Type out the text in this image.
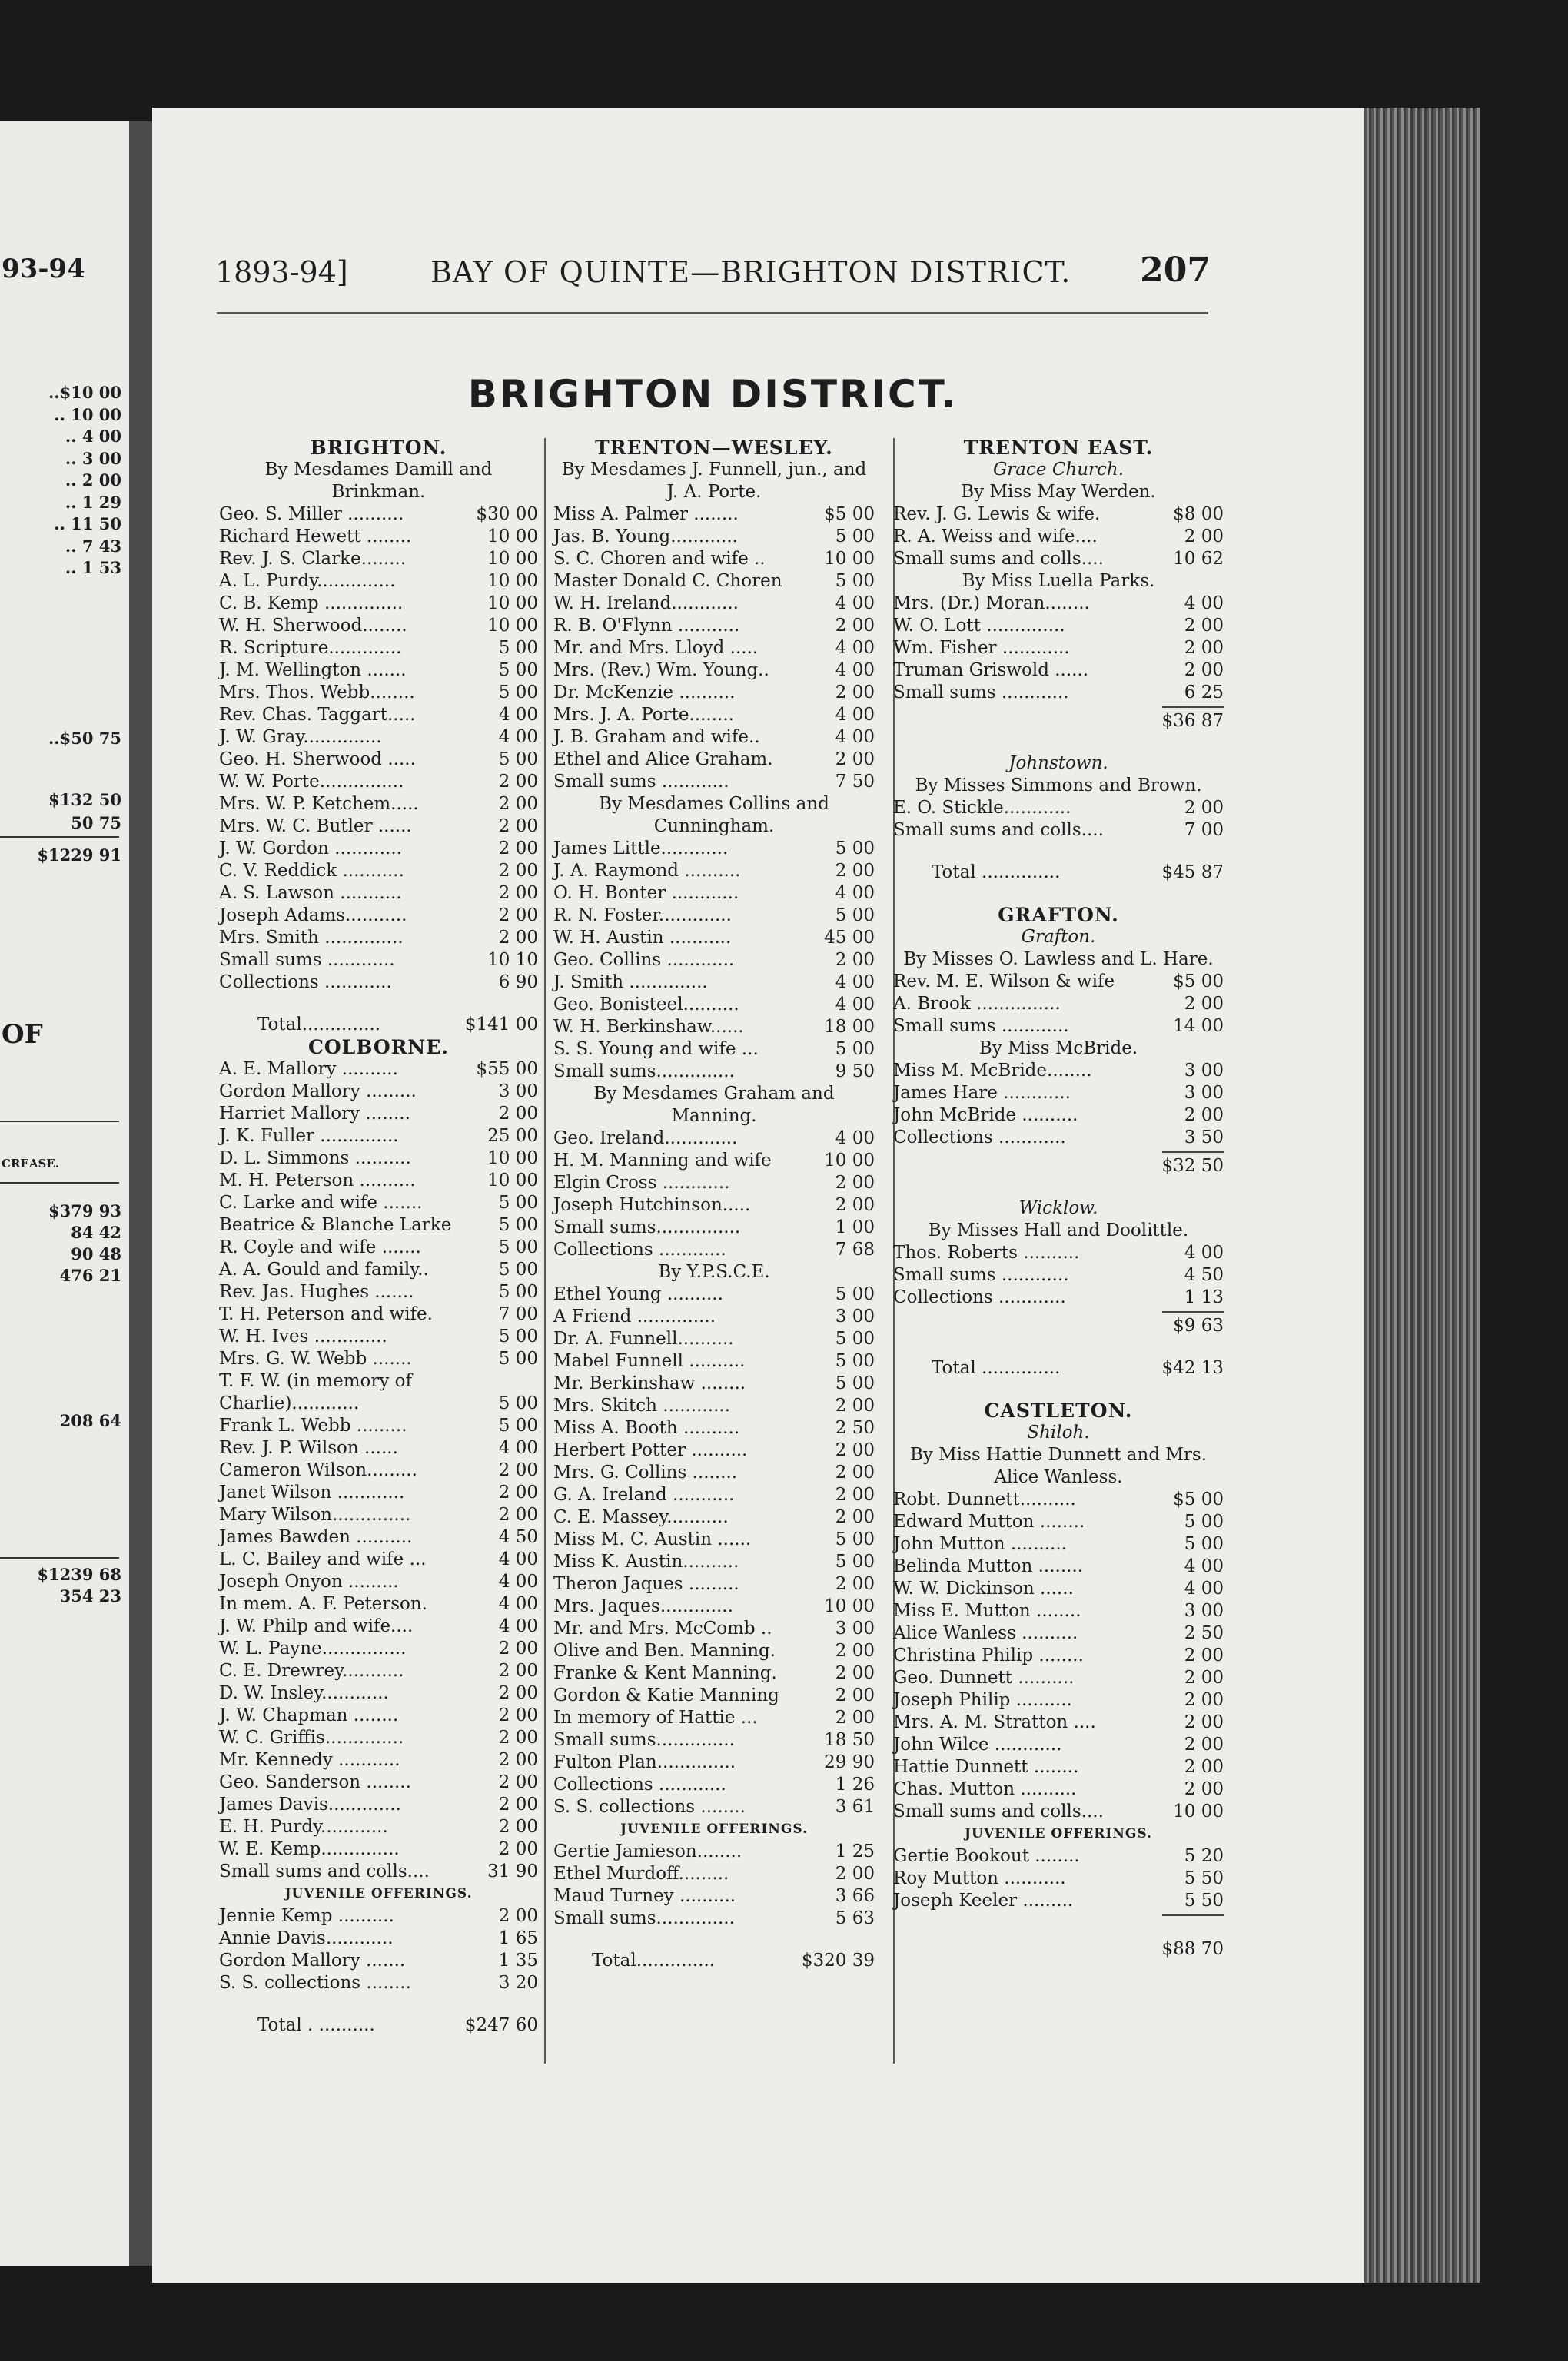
93-94
..$10 00
.. 10 00
.. 4 00
.. 3 00
.. 2 00
.. 1 29
.. 11 50
.. 7 43
.. 1 53
..$50 75
$132 50
50 75
$1229 91
OF
CREASE.
$379 93
84 42
90 48
476 21
208 64
$1239 68
354 23
1893-94]	BAY OF QUINTE—BRIGHTON DISTRICT. 207
BRIGHTON DISTRICT.
BRIGHTON.
By Mesdames Damill and Brinkman.
Geo. S. Miller ..........	$30 00
Richard Hewett ........	10 00
Rev. J. S. Clarke........	10 00
A. L. Purdy..............	10 00
C. B. Kemp ..............	10 00
W. H. Sherwood........	10 00
R. Scripture.............	5 00
J. M. Wellington .......	5 00
Mrs. Thos. Webb........	5 00
Rev. Chas. Taggart.....	4 00
J. W. Gray..............	4 00
Geo. H. Sherwood .....	5 00
W. W. Porte...............	2 00
Mrs. W. P. Ketchem.....	2 00
Mrs. W. C. Butler ......	2 00
J. W. Gordon ............	2 00
C. V. Reddick ...........	2 00
A. S. Lawson ...........	2 00
Joseph Adams...........	2 00
Mrs. Smith ..............	2 00
Small sums ............	10 10
Collections ............	6 90
Total..............	$141 00
COLBORNE.
A. E. Mallory ..........	$55 00
Gordon Mallory .........	3 00
Harriet Mallory ........	2 00
J. K. Fuller ..............	25 00
D. L. Simmons ..........	10 00
M. H. Peterson ..........	10 00
C. Larke and wife .......	5 00
Beatrice & Blanche Larke	5 00
R. Coyle and wife .......	5 00
A. A. Gould and family..	5 00
Rev. Jas. Hughes .......	5 00
T. H. Peterson and wife.	7 00
W. H. Ives .............	5 00
Mrs. G. W. Webb .......	5 00
T. F. W. (in memory of
Charlie)............	5 00
Frank L. Webb .........	5 00
Rev. J. P. Wilson ......	4 00
Cameron Wilson.........	2 00
Janet Wilson ............	2 00
Mary Wilson..............	2 00
James Bawden ..........	4 50
L. C. Bailey and wife ...	4 00
Joseph Onyon .........	4 00
In mem. A. F. Peterson.	4 00
J. W. Philp and wife....	4 00
W. L. Payne...............	2 00
C. E. Drewrey...........	2 00
D. W. Insley............	2 00
J. W. Chapman ........	2 00
W. C. Griffis..............	2 00
Mr. Kennedy ...........	2 00
Geo. Sanderson ........	2 00
James Davis.............	2 00
E. H. Purdy............	2 00
W. E. Kemp..............	2 00
Small sums and colls....	31 90
JUVENILE OFFERINGS.
Jennie Kemp ..........	2 00
Annie Davis............	1 65
Gordon Mallory .......	1 35
S. S. collections ........	3 20
Total . ..........	$247 60
TRENTON—WESLEY.
By Mesdames J. Funnell, jun., and J. A. Porte.
Miss A. Palmer ........	$5 00
Jas. B. Young............	5 00
S. C. Choren and wife ..	10 00
Master Donald C. Choren	5 00
W. H. Ireland............	4 00
R. B. O'Flynn ...........	2 00
Mr. and Mrs. Lloyd .....	4 00
Mrs. (Rev.) Wm. Young..	4 00
Dr. McKenzie ..........	2 00
Mrs. J. A. Porte........	4 00
J. B. Graham and wife..	4 00
Ethel and Alice Graham.	2 00
Small sums ............	7 50
By Mesdames Collins and Cunningham.
James Little............	5 00
J. A. Raymond ..........	2 00
O. H. Bonter ............	4 00
R. N. Foster.............	5 00
W. H. Austin ...........	45 00
Geo. Collins ............	2 00
J. Smith ..............	4 00
Geo. Bonisteel..........	4 00
W. H. Berkinshaw......	18 00
S. S. Young and wife ...	5 00
Small sums..............	9 50
By Mesdames Graham and Manning.
Geo. Ireland.............	4 00
H. M. Manning and wife	10 00
Elgin Cross ............	2 00
Joseph Hutchinson.....	2 00
Small sums...............	1 00
Collections ............	7 68
By Y.P.S.C.E.
Ethel Young ..........	5 00
A Friend ..............	3 00
Dr. A. Funnell..........	5 00
Mabel Funnell ..........	5 00
Mr. Berkinshaw ........	5 00
Mrs. Skitch ............	2 00
Miss A. Booth ..........	2 50
Herbert Potter ..........	2 00
Mrs. G. Collins ........	2 00
G. A. Ireland ...........	2 00
C. E. Massey...........	2 00
Miss M. C. Austin ......	5 00
Miss K. Austin..........	5 00
Theron Jaques .........	2 00
Mrs. Jaques.............	10 00
Mr. and Mrs. McComb ..	3 00
Olive and Ben. Manning.	2 00
Franke & Kent Manning.	2 00
Gordon & Katie Manning	2 00
In memory of Hattie ...	2 00
Small sums..............	18 50
Fulton Plan..............	29 90
Collections ............	1 26
S. S. collections ........	3 61
JUVENILE OFFERINGS.
Gertie Jamieson........	1 25
Ethel Murdoff.........	2 00
Maud Turney ..........	3 66
Small sums..............	5 63
Total..............	$320 39
TRENTON EAST.
Grace Church.
By Miss May Werden.
Rev. J. G. Lewis & wife.	$8 00
R. A. Weiss and wife....	2 00
Small sums and colls....	10 62
By Miss Luella Parks.
Mrs. (Dr.) Moran........	4 00
W. O. Lott ..............	2 00
Wm. Fisher ............	2 00
Truman Griswold ......	2 00
Small sums ............	6 25
$36 87
Johnstown.
By Misses Simmons and Brown.
E. O. Stickle............	2 00
Small sums and colls....	7 00
Total ..............	$45 87
GRAFTON.
Grafton.
By Misses O. Lawless and L. Hare.
Rev. M. E. Wilson & wife	$5 00
A. Brook ...............	2 00
Small sums ............	14 00
By Miss McBride.
Miss M. McBride........	3 00
James Hare ............	3 00
John McBride ..........	2 00
Collections ............	3 50
$32 50
Wicklow.
By Misses Hall and Doolittle.
Thos. Roberts ..........	4 00
Small sums ............	4 50
Collections ............	1 13
$9 63
Total ..............	$42 13
CASTLETON.
Shiloh.
By Miss Hattie Dunnett and Mrs. Alice Wanless.
Robt. Dunnett..........	$5 00
Edward Mutton ........	5 00
John Mutton ..........	5 00
Belinda Mutton ........	4 00
W. W. Dickinson ......	4 00
Miss E. Mutton ........	3 00
Alice Wanless ..........	2 50
Christina Philip ........	2 00
Geo. Dunnett ..........	2 00
Joseph Philip ..........	2 00
Mrs. A. M. Stratton ....	2 00
John Wilce ............	2 00
Hattie Dunnett ........	2 00
Chas. Mutton ..........	2 00
Small sums and colls....	10 00
JUVENILE OFFERINGS.
Gertie Bookout ........	5 20
Roy Mutton ...........	5 50
Joseph Keeler .........	5 50
$88 70
